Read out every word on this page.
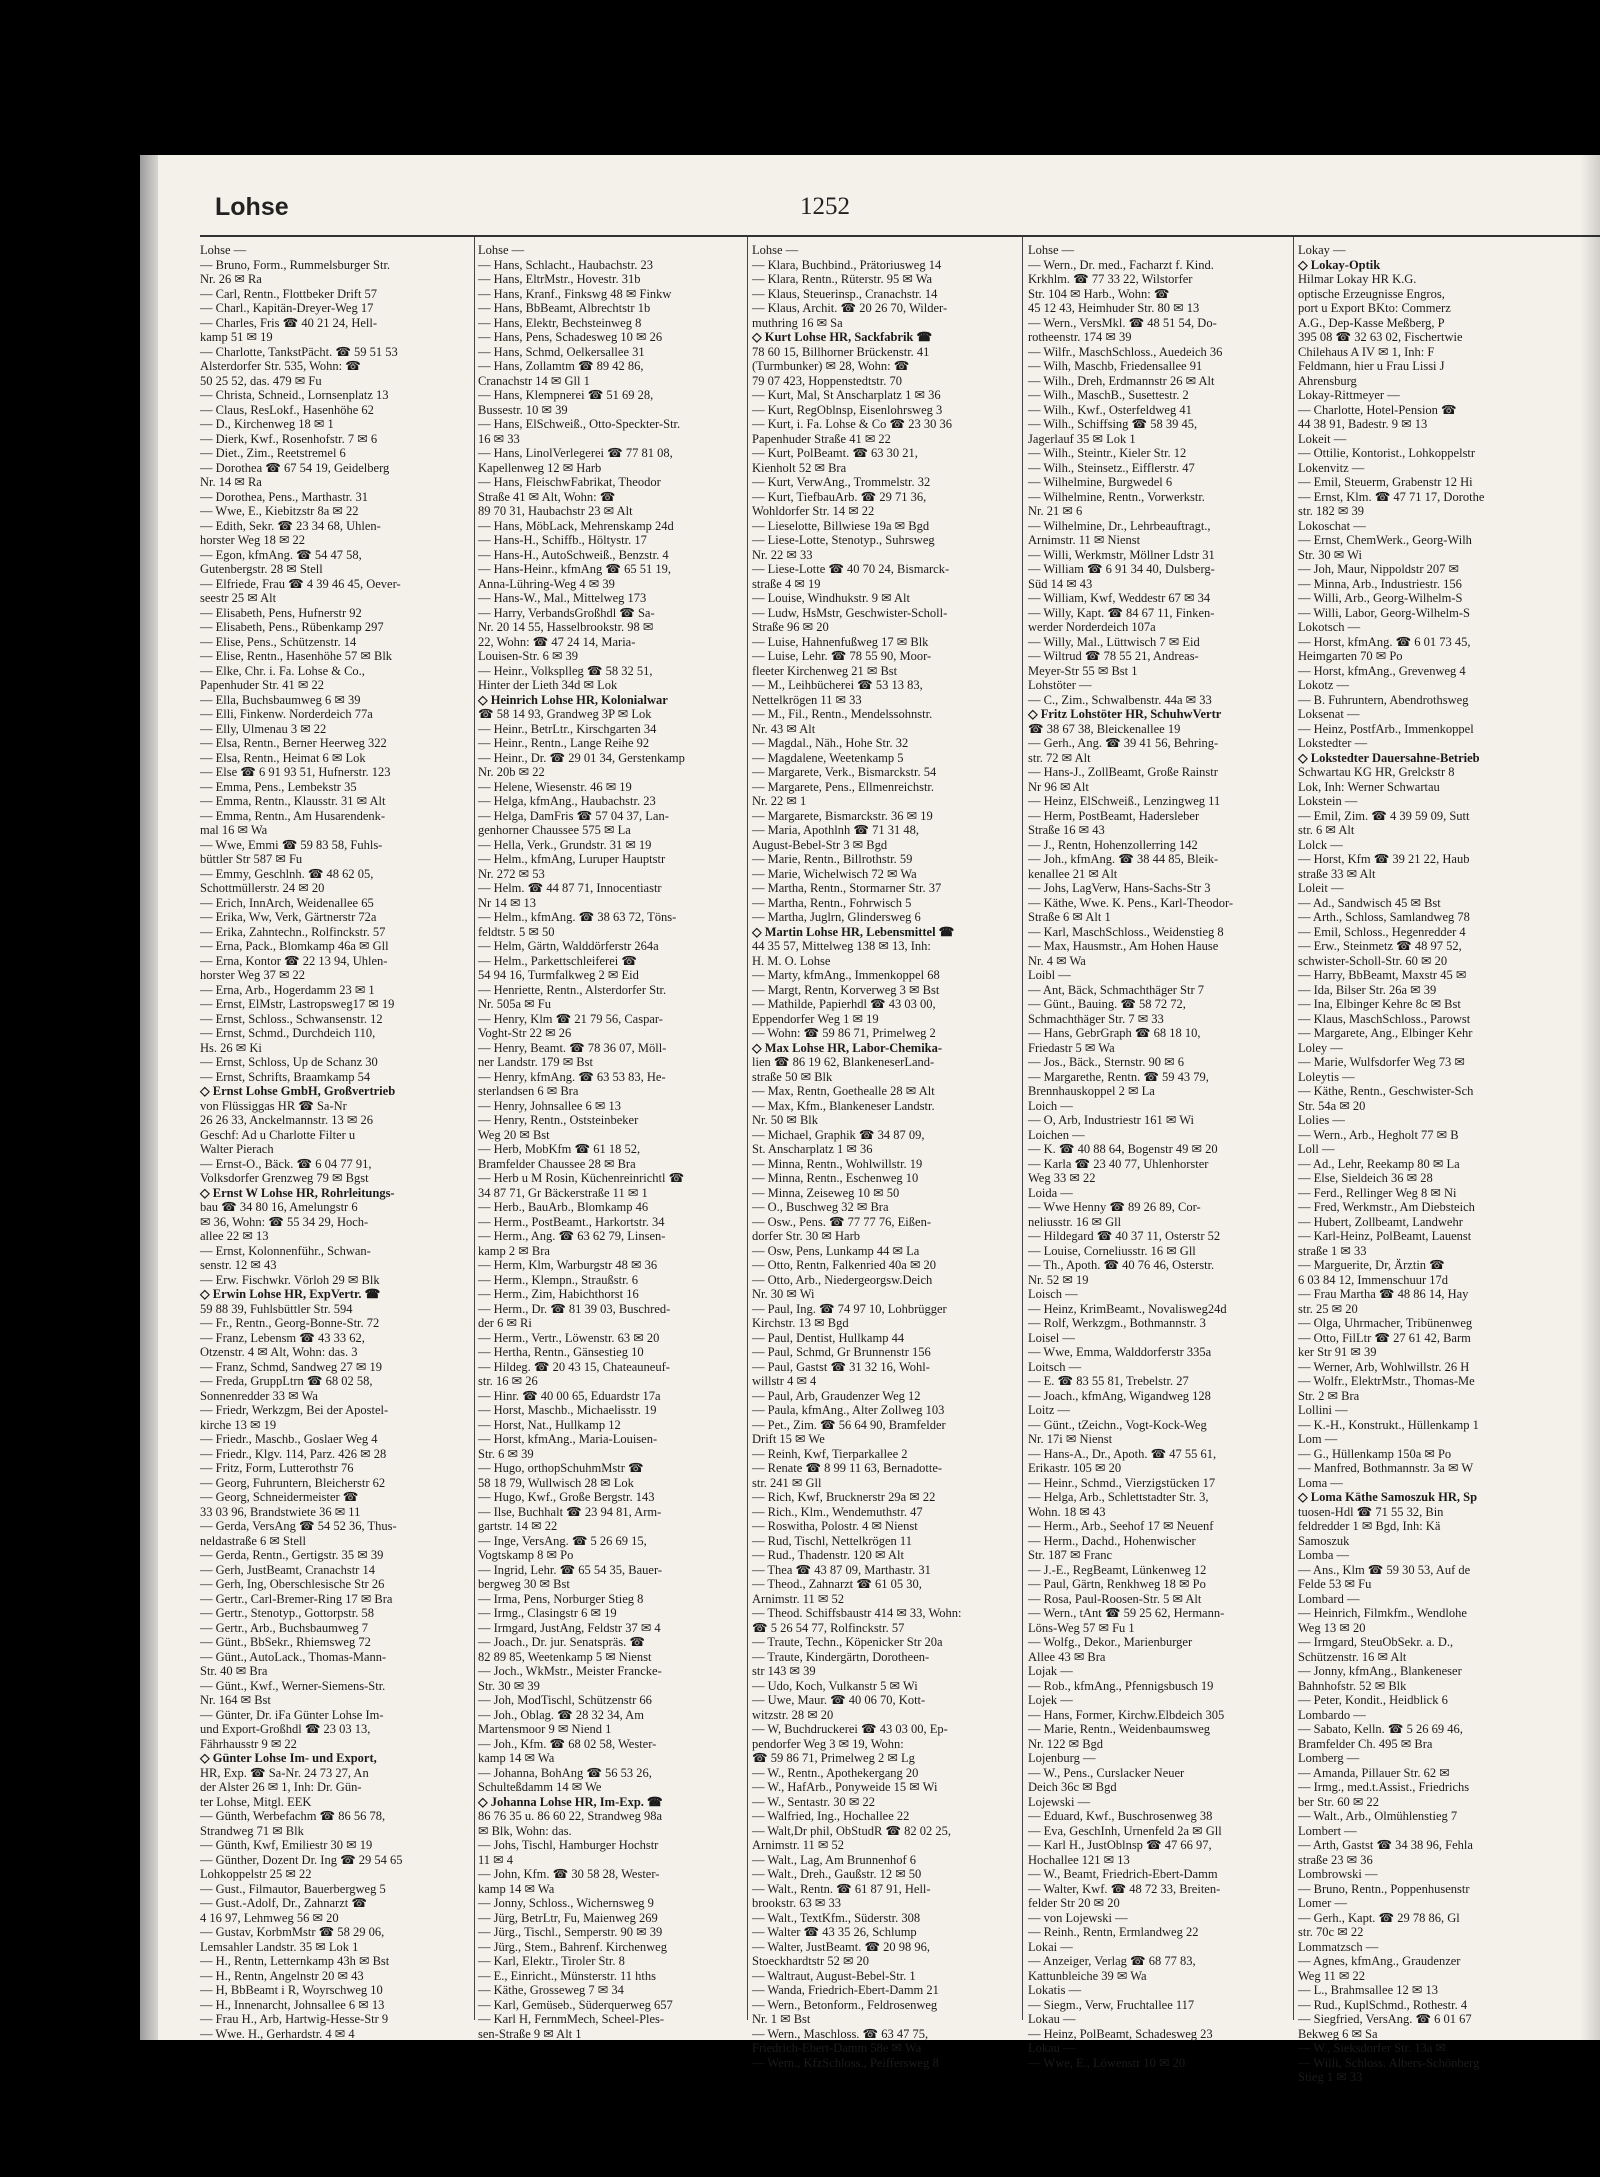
Lohse	1252
Lohse —
— Bruno, Form., Rummelsburger Str.
Nr. 26 ✉ Ra
— Carl, Rentn., Flottbeker Drift 57
— Charl., Kapitän-Dreyer-Weg 17
— Charles, Fris ☎ 40 21 24, Hell-
kamp 51 ✉ 19
— Charlotte, TankstPächt. ☎ 59 51 53
Alsterdorfer Str. 535, Wohn: ☎
50 25 52, das. 479 ✉ Fu
— Christa, Schneid., Lornsenplatz 13
— Claus, ResLokf., Hasenhöhe 62
— D., Kirchenweg 18 ✉ 1
— Dierk, Kwf., Rosenhofstr. 7 ✉ 6
— Diet., Zim., Reetstremel 6
— Dorothea ☎ 67 54 19, Geidelberg
Nr. 14 ✉ Ra
— Dorothea, Pens., Marthastr. 31
— Wwe, E., Kiebitzstr 8a ✉ 22
— Edith, Sekr. ☎ 23 34 68, Uhlen-
horster Weg 18 ✉ 22
— Egon, kfmAng. ☎ 54 47 58,
Gutenbergstr. 28 ✉ Stell
— Elfriede, Frau ☎ 4 39 46 45, Oever-
seestr 25 ✉ Alt
— Elisabeth, Pens, Hufnerstr 92
— Elisabeth, Pens., Rübenkamp 297
— Elise, Pens., Schützenstr. 14
— Elise, Rentn., Hasenhöhe 57 ✉ Blk
— Elke, Chr. i. Fa. Lohse & Co.,
Papenhuder Str. 41 ✉ 22
— Ella, Buchsbaumweg 6 ✉ 39
— Elli, Finkenw. Norderdeich 77a
— Elly, Ulmenau 3 ✉ 22
— Elsa, Rentn., Berner Heerweg 322
— Elsa, Rentn., Heimat 6 ✉ Lok
— Else ☎ 6 91 93 51, Hufnerstr. 123
— Emma, Pens., Lembekstr 35
— Emma, Rentn., Klausstr. 31 ✉ Alt
— Emma, Rentn., Am Husarendenk-
mal 16 ✉ Wa
— Wwe, Emmi ☎ 59 83 58, Fuhls-
büttler Str 587 ✉ Fu
— Emmy, Geschlnh. ☎ 48 62 05,
Schottmüllerstr. 24 ✉ 20
— Erich, InnArch, Weidenallee 65
— Erika, Ww, Verk, Gärtnerstr 72a
— Erika, Zahntechn., Rolfinckstr. 57
— Erna, Pack., Blomkamp 46a ✉ Gll
— Erna, Kontor ☎ 22 13 94, Uhlen-
horster Weg 37 ✉ 22
— Erna, Arb., Hogerdamm 23 ✉ 1
— Ernst, ElMstr, Lastropsweg17 ✉ 19
— Ernst, Schloss., Schwansenstr. 12
— Ernst, Schmd., Durchdeich 110,
Hs. 26 ✉ Ki
— Ernst, Schloss, Up de Schanz 30
— Ernst, Schrifts, Braamkamp 54
◇ Ernst Lohse GmbH, Großvertrieb
von Flüssiggas HR ☎ Sa-Nr
26 26 33, Anckelmannstr. 13 ✉ 26
Geschf: Ad u Charlotte Filter u
Walter Pierach
— Ernst-O., Bäck. ☎ 6 04 77 91,
Volksdorfer Grenzweg 79 ✉ Bgst
◇ Ernst W Lohse HR, Rohrleitungs-
bau ☎ 34 80 16, Amelungstr 6
✉ 36, Wohn: ☎ 55 34 29, Hoch-
allee 22 ✉ 13
— Ernst, Kolonnenführ., Schwan-
senstr. 12 ✉ 43
— Erw. Fischwkr. Vörloh 29 ✉ Blk
◇ Erwin Lohse HR, ExpVertr. ☎
59 88 39, Fuhlsbüttler Str. 594
— Fr., Rentn., Georg-Bonne-Str. 72
— Franz, Lebensm ☎ 43 33 62,
Otzenstr. 4 ✉ Alt, Wohn: das. 3
— Franz, Schmd, Sandweg 27 ✉ 19
— Freda, GruppLtrn ☎ 68 02 58,
Sonnenredder 33 ✉ Wa
— Friedr, Werkzgm, Bei der Apostel-
kirche 13 ✉ 19
— Friedr., Maschb., Goslaer Weg 4
— Friedr., Klgv. 114, Parz. 426 ✉ 28
— Fritz, Form, Lutterothstr 76
— Georg, Fuhruntern, Bleicherstr 62
— Georg, Schneidermeister ☎
33 03 96, Brandstwiete 36 ✉ 11
— Gerda, VersAng ☎ 54 52 36, Thus-
neldastraße 6 ✉ Stell
— Gerda, Rentn., Gertigstr. 35 ✉ 39
— Gerh, JustBeamt, Cranachstr 14
— Gerh, Ing, Oberschlesische Str 26
— Gertr., Carl-Bremer-Ring 17 ✉ Bra
— Gertr., Stenotyp., Gottorpstr. 58
— Gertr., Arb., Buchsbaumweg 7
— Günt., BbSekr., Rhiemsweg 72
— Günt., AutoLack., Thomas-Mann-
Str. 40 ✉ Bra
— Günt., Kwf., Werner-Siemens-Str.
Nr. 164 ✉ Bst
— Günter, Dr. iFa Günter Lohse Im-
und Export-Großhdl ☎ 23 03 13,
Fährhausstr 9 ✉ 22
◇ Günter Lohse Im- und Export,
HR, Exp. ☎ Sa-Nr. 24 73 27, An
der Alster 26 ✉ 1, Inh: Dr. Gün-
ter Lohse, Mitgl. EEK
— Günth, Werbefachm ☎ 86 56 78,
Strandweg 71 ✉ Blk
— Günth, Kwf, Emiliestr 30 ✉ 19
— Günther, Dozent Dr. Ing ☎ 29 54 65
Lohkoppelstr 25 ✉ 22
— Gust., Filmautor, Bauerbergweg 5
— Gust.-Adolf, Dr., Zahnarzt ☎
4 16 97, Lehmweg 56 ✉ 20
— Gustav, KorbmMstr ☎ 58 29 06,
Lemsahler Landstr. 35 ✉ Lok 1
— H., Rentn, Letternkamp 43h ✉ Bst
— H., Rentn, Angelnstr 20 ✉ 43
— H, BbBeamt i R, Woyrschweg 10
— H., Innenarcht, Johnsallee 6 ✉ 13
— Frau H., Arb, Hartwig-Hesse-Str 9
— Wwe. H., Gerhardstr. 4 ✉ 4
Lohse —
— Hans, Schlacht., Haubachstr. 23
— Hans, EltrMstr., Hovestr. 31b
— Hans, Kranf., Finkswg 48 ✉ Finkw
— Hans, BbBeamt, Albrechtstr 1b
— Hans, Elektr, Bechsteinweg 8
— Hans, Pens, Schadesweg 10 ✉ 26
— Hans, Schmd, Oelkersallee 31
— Hans, Zollamtm ☎ 89 42 86,
Cranachstr 14 ✉ Gll 1
— Hans, Klempnerei ☎ 51 69 28,
Bussestr. 10 ✉ 39
— Hans, ElSchweiß., Otto-Speckter-Str.
16 ✉ 33
— Hans, LinolVerlegerei ☎ 77 81 08,
Kapellenweg 12 ✉ Harb
— Hans, FleischwFabrikat, Theodor
Straße 41 ✉ Alt, Wohn: ☎
89 70 31, Haubachstr 23 ✉ Alt
— Hans, MöbLack, Mehrenskamp 24d
— Hans-H., Schiffb., Höltystr. 17
— Hans-H., AutoSchweiß., Benzstr. 4
— Hans-Heinr., kfmAng ☎ 65 51 19,
Anna-Lühring-Weg 4 ✉ 39
— Hans-W., Mal., Mittelweg 173
— Harry, VerbandsGroßhdl ☎ Sa-
Nr. 20 14 55, Hasselbrookstr. 98 ✉
22, Wohn: ☎ 47 24 14, Maria-
Louisen-Str. 6 ✉ 39
— Heinr., Volksplleg ☎ 58 32 51,
Hinter der Lieth 34d ✉ Lok
◇ Heinrich Lohse HR, Kolonialwar
☎ 58 14 93, Grandweg 3P ✉ Lok
— Heinr., BetrLtr., Kirschgarten 34
— Heinr., Rentn., Lange Reihe 92
— Heinr., Dr. ☎ 29 01 34, Gerstenkamp
Nr. 20b ✉ 22
— Helene, Wiesenstr. 46 ✉ 19
— Helga, kfmAng., Haubachstr. 23
— Helga, DamFris ☎ 57 04 37, Lan-
genhorner Chaussee 575 ✉ La
— Hella, Verk., Grundstr. 31 ✉ 19
— Helm., kfmAng, Luruper Hauptstr
Nr. 272 ✉ 53
— Helm. ☎ 44 87 71, Innocentiastr
Nr 14 ✉ 13
— Helm., kfmAng. ☎ 38 63 72, Töns-
feldtstr. 5 ✉ 50
— Helm, Gärtn, Walddörferstr 264a
— Helm., Parkettschleiferei ☎
54 94 16, Turmfalkweg 2 ✉ Eid
— Henriette, Rentn., Alsterdorfer Str.
Nr. 505a ✉ Fu
— Henry, Klm ☎ 21 79 56, Caspar-
Voght-Str 22 ✉ 26
— Henry, Beamt. ☎ 78 36 07, Möll-
ner Landstr. 179 ✉ Bst
— Henry, kfmAng. ☎ 63 53 83, He-
sterlandsen 6 ✉ Bra
— Henry, Johnsallee 6 ✉ 13
— Henry, Rentn., Oststeinbeker
Weg 20 ✉ Bst
— Herb, MobKfm ☎ 61 18 52,
Bramfelder Chaussee 28 ✉ Bra
— Herb u M Rosin, Küchenreinrichtl ☎
34 87 71, Gr Bäckerstraße 11 ✉ 1
— Herb., BauArb., Blomkamp 46
— Herm., PostBeamt., Harkortstr. 34
— Herm., Ang. ☎ 63 62 79, Linsen-
kamp 2 ✉ Bra
— Herm, Klm, Warburgstr 48 ✉ 36
— Herm., Klempn., Straußstr. 6
— Herm., Zim, Habichthorst 16
— Herm., Dr. ☎ 81 39 03, Buschred-
der 6 ✉ Ri
— Herm., Vertr., Löwenstr. 63 ✉ 20
— Hertha, Rentn., Gänsestieg 10
— Hildeg. ☎ 20 43 15, Chateauneuf-
str. 16 ✉ 26
— Hinr. ☎ 40 00 65, Eduardstr 17a
— Horst, Maschb., Michaelisstr. 19
— Horst, Nat., Hullkamp 12
— Horst, kfmAng., Maria-Louisen-
Str. 6 ✉ 39
— Hugo, orthopSchuhmMstr ☎
58 18 79, Wullwisch 28 ✉ Lok
— Hugo, Kwf., Große Bergstr. 143
— Ilse, Buchhalt ☎ 23 94 81, Arm-
gartstr. 14 ✉ 22
— Inge, VersAng. ☎ 5 26 69 15,
Vogtskamp 8 ✉ Po
— Ingrid, Lehr. ☎ 65 54 35, Bauer-
bergweg 30 ✉ Bst
— Irma, Pens, Norburger Stieg 8
— Irmg., Clasingstr 6 ✉ 19
— Irmgard, JustAng, Feldstr 37 ✉ 4
— Joach., Dr. jur. Senatspräs. ☎
82 89 85, Weetenkamp 5 ✉ Nienst
— Joch., WkMstr., Meister Francke-
Str. 30 ✉ 39
— Joh, ModTischl, Schützenstr 66
— Joh., Oblag. ☎ 28 32 34, Am
Martensmoor 9 ✉ Niend 1
— Joh., Kfm. ☎ 68 02 58, Wester-
kamp 14 ✉ Wa
— Johanna, BohAng ☎ 56 53 26,
Schulteßdamm 14 ✉ We
◇ Johanna Lohse HR, Im-Exp. ☎
86 76 35 u. 86 60 22, Strandweg 98a
✉ Blk, Wohn: das.
— Johs, Tischl, Hamburger Hochstr
11 ✉ 4
— John, Kfm. ☎ 30 58 28, Wester-
kamp 14 ✉ Wa
— Jonny, Schloss., Wichernsweg 9
— Jürg, BetrLtr, Fu, Maienweg 269
— Jürg., Tischl., Semperstr. 90 ✉ 39
— Jürg., Stem., Bahrenf. Kirchenweg
— Karl, Elektr., Tiroler Str. 8
— E., Einricht., Münsterstr. 11 hths
— Käthe, Grosseweg 7 ✉ 34
— Karl, Gemüseb., Süderquerweg 657
— Karl H, FernmMech, Scheel-Ples-
sen-Straße 9 ✉ Alt 1
Lohse —
— Klara, Buchbind., Prätoriusweg 14
— Klara, Rentn., Rüterstr. 95 ✉ Wa
— Klaus, Steuerinsp., Cranachstr. 14
— Klaus, Archit. ☎ 20 26 70, Wilder-
muthring 16 ✉ Sa
◇ Kurt Lohse HR, Sackfabrik ☎
78 60 15, Billhorner Brückenstr. 41
(Turmbunker) ✉ 28, Wohn: ☎
79 07 423, Hoppenstedtstr. 70
— Kurt, Mal, St Anscharplatz 1 ✉ 36
— Kurt, RegOblnsp, Eisenlohrsweg 3
— Kurt, i. Fa. Lohse & Co ☎ 23 30 36
Papenhuder Straße 41 ✉ 22
— Kurt, PolBeamt. ☎ 63 30 21,
Kienholt 52 ✉ Bra
— Kurt, VerwAng., Trommelstr. 32
— Kurt, TiefbauArb. ☎ 29 71 36,
Wohldorfer Str. 14 ✉ 22
— Lieselotte, Billwiese 19a ✉ Bgd
— Liese-Lotte, Stenotyp., Suhrsweg
Nr. 22 ✉ 33
— Liese-Lotte ☎ 40 70 24, Bismarck-
straße 4 ✉ 19
— Louise, Windhukstr. 9 ✉ Alt
— Ludw, HsMstr, Geschwister-Scholl-
Straße 96 ✉ 20
— Luise, Hahnenfußweg 17 ✉ Blk
— Luise, Lehr. ☎ 78 55 90, Moor-
fleeter Kirchenweg 21 ✉ Bst
— M., Leihbücherei ☎ 53 13 83,
Nettelkrögen 11 ✉ 33
— M., Fil., Rentn., Mendelssohnstr.
Nr. 43 ✉ Alt
— Magdal., Näh., Hohe Str. 32
— Magdalene, Weetenkamp 5
— Margarete, Verk., Bismarckstr. 54
— Margarete, Pens., Ellmenreichstr.
Nr. 22 ✉ 1
— Margarete, Bismarckstr. 36 ✉ 19
— Maria, Apothlnh ☎ 71 31 48,
August-Bebel-Str 3 ✉ Bgd
— Marie, Rentn., Billrothstr. 59
— Marie, Wichelwisch 72 ✉ Wa
— Martha, Rentn., Stormarner Str. 37
— Martha, Rentn., Fohrwisch 5
— Martha, Juglrn, Glindersweg 6
◇ Martin Lohse HR, Lebensmittel ☎
44 35 57, Mittelweg 138 ✉ 13, Inh:
H. M. O. Lohse
— Marty, kfmAng., Immenkoppel 68
— Margt, Rentn, Korverweg 3 ✉ Bst
— Mathilde, Papierhdl ☎ 43 03 00,
Eppendorfer Weg 1 ✉ 19
— Wohn: ☎ 59 86 71, Primelweg 2
◇ Max Lohse HR, Labor-Chemika-
lien ☎ 86 19 62, BlankeneserLand-
straße 50 ✉ Blk
— Max, Rentn, Goethealle 28 ✉ Alt
— Max, Kfm., Blankeneser Landstr.
Nr. 50 ✉ Blk
— Michael, Graphik ☎ 34 87 09,
St. Anscharplatz 1 ✉ 36
— Minna, Rentn., Wohlwillstr. 19
— Minna, Rentn., Eschenweg 10
— Minna, Zeiseweg 10 ✉ 50
— O., Buschweg 32 ✉ Bra
— Osw., Pens. ☎ 77 77 76, Eißen-
dorfer Str. 30 ✉ Harb
— Osw, Pens, Lunkamp 44 ✉ La
— Otto, Rentn, Falkenried 40a ✉ 20
— Otto, Arb., Niedergeorgsw.Deich
Nr. 30 ✉ Wi
— Paul, Ing. ☎ 74 97 10, Lohbrügger
Kirchstr. 13 ✉ Bgd
— Paul, Dentist, Hullkamp 44
— Paul, Schmd, Gr Brunnenstr 156
— Paul, Gastst ☎ 31 32 16, Wohl-
willstr 4 ✉ 4
— Paul, Arb, Graudenzer Weg 12
— Paula, kfmAng., Alter Zollweg 103
— Pet., Zim. ☎ 56 64 90, Bramfelder
Drift 15 ✉ We
— Reinh, Kwf, Tierparkallee 2
— Renate ☎ 8 99 11 63, Bernadotte-
str. 241 ✉ Gll
— Rich, Kwf, Brucknerstr 29a ✉ 22
— Rich., Klm., Wendemuthstr. 47
— Roswitha, Polostr. 4 ✉ Nienst
— Rud, Tischl, Nettelkrögen 11
— Rud., Thadenstr. 120 ✉ Alt
— Thea ☎ 43 87 09, Marthastr. 31
— Theod., Zahnarzt ☎ 61 05 30,
Arnimstr. 11 ✉ 52
— Theod. Schiffsbaustr 414 ✉ 33, Wohn:
☎ 5 26 54 77, Rolfinckstr. 57
— Traute, Techn., Köpenicker Str 20a
— Traute, Kindergärtn, Dorotheen-
str 143 ✉ 39
— Udo, Koch, Vulkanstr 5 ✉ Wi
— Uwe, Maur. ☎ 40 06 70, Kott-
witzstr. 28 ✉ 20
— W, Buchdruckerei ☎ 43 03 00, Ep-
pendorfer Weg 3 ✉ 19, Wohn:
☎ 59 86 71, Primelweg 2 ✉ Lg
— W., Rentn., Apothekergang 20
— W., HafArb., Ponyweide 15 ✉ Wi
— W., Sentastr. 30 ✉ 22
— Walfried, Ing., Hochallee 22
— Walt,Dr phil, ObStudR ☎ 82 02 25,
Arnimstr. 11 ✉ 52
— Walt., Lag, Am Brunnenhof 6
— Walt., Dreh., Gaußstr. 12 ✉ 50
— Walt., Rentn. ☎ 61 87 91, Hell-
brookstr. 63 ✉ 33
— Walt., TextKfm., Süderstr. 308
— Walter ☎ 43 35 26, Schlump
— Walter, JustBeamt. ☎ 20 98 96,
Stoeckhardtstr 52 ✉ 20
— Waltraut, August-Bebel-Str. 1
— Wanda, Friedrich-Ebert-Damm 21
— Wern., Betonform., Feldrosenweg
Nr. 1 ✉ Bst
— Wern., Maschloss. ☎ 63 47 75,
Friedrich-Ebert-Damm 58e ✉ Wa
— Wern., KfzSchloss., Peiffersweg 8
Lohse —
— Wern., Dr. med., Facharzt f. Kind.
Krkhlm. ☎ 77 33 22, Wilstorfer
Str. 104 ✉ Harb., Wohn: ☎
45 12 43, Heimhuder Str. 80 ✉ 13
— Wern., VersMkl. ☎ 48 51 54, Do-
rotheenstr. 174 ✉ 39
— Wilfr., MaschSchloss., Auedeich 36
— Wilh, Maschb, Friedensallee 91
— Wilh., Dreh, Erdmannstr 26 ✉ Alt
— Wilh., MaschB., Susettestr. 2
— Wilh., Kwf., Osterfeldweg 41
— Wilh., Schiffsing ☎ 58 39 45,
Jagerlauf 35 ✉ Lok 1
— Wilh., Steintr., Kieler Str. 12
— Wilh., Steinsetz., Eifflerstr. 47
— Wilhelmine, Burgwedel 6
— Wilhelmine, Rentn., Vorwerkstr.
Nr. 21 ✉ 6
— Wilhelmine, Dr., Lehrbeauftragt.,
Arnimstr. 11 ✉ Nienst
— Willi, Werkmstr, Möllner Ldstr 31
— William ☎ 6 91 34 40, Dulsberg-
Süd 14 ✉ 43
— William, Kwf, Weddestr 67 ✉ 34
— Willy, Kapt. ☎ 84 67 11, Finken-
werder Norderdeich 107a
— Willy, Mal., Lüttwisch 7 ✉ Eid
— Wiltrud ☎ 78 55 21, Andreas-
Meyer-Str 55 ✉ Bst 1
Lohstöter —
— C., Zim., Schwalbenstr. 44a ✉ 33
◇ Fritz Lohstöter HR, SchuhwVertr
☎ 38 67 38, Bleickenallee 19
— Gerh., Ang. ☎ 39 41 56, Behring-
str. 72 ✉ Alt
— Hans-J., ZollBeamt, Große Rainstr
Nr 96 ✉ Alt
— Heinz, ElSchweiß., Lenzingweg 11
— Herm, PostBeamt, Hadersleber
Straße 16 ✉ 43
— J., Rentn, Hohenzollerring 142
— Joh., kfmAng. ☎ 38 44 85, Bleik-
kenallee 21 ✉ Alt
— Johs, LagVerw, Hans-Sachs-Str 3
— Käthe, Wwe. K. Pens., Karl-Theodor-
Straße 6 ✉ Alt 1
— Karl, MaschSchloss., Weidenstieg 8
— Max, Hausmstr., Am Hohen Hause
Nr. 4 ✉ Wa
Loibl —
— Ant, Bäck, Schmachthäger Str 7
— Günt., Bauing. ☎ 58 72 72,
Schmachthäger Str. 7 ✉ 33
— Hans, GebrGraph ☎ 68 18 10,
Friedastr 5 ✉ Wa
— Jos., Bäck., Sternstr. 90 ✉ 6
— Margarethe, Rentn. ☎ 59 43 79,
Brennhauskoppel 2 ✉ La
Loich —
— O, Arb, Industriestr 161 ✉ Wi
Loichen —
— K. ☎ 40 88 64, Bogenstr 49 ✉ 20
— Karla ☎ 23 40 77, Uhlenhorster
Weg 33 ✉ 22
Loida —
— Wwe Henny ☎ 89 26 89, Cor-
neliusstr. 16 ✉ Gll
— Hildegard ☎ 40 37 11, Osterstr 52
— Louise, Corneliusstr. 16 ✉ Gll
— Th., Apoth. ☎ 40 76 46, Osterstr.
Nr. 52 ✉ 19
Loisch —
— Heinz, KrimBeamt., Novalisweg24d
— Rolf, Werkzgm., Bothmannstr. 3
Loisel —
— Wwe, Emma, Walddorferstr 335a
Loitsch —
— E. ☎ 83 55 81, Trebelstr. 27
— Joach., kfmAng, Wigandweg 128
Loitz —
— Günt., tZeichn., Vogt-Kock-Weg
Nr. 17i ✉ Nienst
— Hans-A., Dr., Apoth. ☎ 47 55 61,
Erikastr. 105 ✉ 20
— Heinr., Schmd., Vierzigstücken 17
— Helga, Arb., Schlettstadter Str. 3,
Wohn. 18 ✉ 43
— Herm., Arb., Seehof 17 ✉ Neuenf
— Herm., Dachd., Hohenwischer
Str. 187 ✉ Franc
— J.-E., RegBeamt, Lünkenweg 12
— Paul, Gärtn, Renkhweg 18 ✉ Po
— Rosa, Paul-Roosen-Str. 5 ✉ Alt
— Wern., tAnt ☎ 59 25 62, Hermann-
Löns-Weg 57 ✉ Fu 1
— Wolfg., Dekor., Marienburger
Allee 43 ✉ Bra
Lojak —
— Rob., kfmAng., Pfennigsbusch 19
Lojek —
— Hans, Former, Kirchw.Elbdeich 305
— Marie, Rentn., Weidenbaumsweg
Nr. 122 ✉ Bgd
Lojenburg —
— W., Pens., Curslacker Neuer
Deich 36c ✉ Bgd
Lojewski —
— Eduard, Kwf., Buschrosenweg 38
— Eva, GeschInh, Urnenfeld 2a ✉ Gll
— Karl H., JustOblnsp ☎ 47 66 97,
Hochallee 121 ✉ 13
— W., Beamt, Friedrich-Ebert-Damm
— Walter, Kwf. ☎ 48 72 33, Breiten-
felder Str 20 ✉ 20
— von Lojewski —
— Reinh., Rentn, Ermlandweg 22
Lokai —
— Anzeiger, Verlag ☎ 68 77 83,
Kattunbleiche 39 ✉ Wa
Lokatis —
— Siegm., Verw, Fruchtallee 117
Lokau —
— Heinz, PolBeamt, Schadesweg 23
Lokau —
— Wwe, E., Löwenstr 10 ✉ 20
Lokay —
◇ Lokay-Optik
Hilmar Lokay HR K.G.
optische Erzeugnisse Engros,
port u Export BKto: Commerz
A.G., Dep-Kasse Meßberg, P
395 08 ☎ 32 63 02, Fischertwie
Chilehaus A IV ✉ 1, Inh: F
Feldmann, hier u Frau Lissi J
Ahrensburg
Lokay-Rittmeyer —
— Charlotte, Hotel-Pension ☎
44 38 91, Badestr. 9 ✉ 13
Lokeit —
— Ottilie, Kontorist., Lohkoppelstr
Lokenvitz —
— Emil, Steuerm, Grabenstr 12 Hi
— Ernst, Klm. ☎ 47 71 17, Dorothe
str. 182 ✉ 39
Lokoschat —
— Ernst, ChemWerk., Georg-Wilh
Str. 30 ✉ Wi
— Joh, Maur, Nippoldstr 207 ✉
— Minna, Arb., Industriestr. 156
— Willi, Arb., Georg-Wilhelm-S
— Willi, Labor, Georg-Wilhelm-S
Lokotsch —
— Horst, kfmAng. ☎ 6 01 73 45,
Heimgarten 70 ✉ Po
— Horst, kfmAng., Grevenweg 4
Lokotz —
— B. Fuhruntern, Abendrothsweg
Loksenat —
— Heinz, PostfArb., Immenkoppel
Lokstedter —
◇ Lokstedter Dauersahne-Betrieb
Schwartau KG HR, Grelckstr 8
Lok, Inh: Werner Schwartau
Lokstein —
— Emil, Zim. ☎ 4 39 59 09, Sutt
str. 6 ✉ Alt
Lolck —
— Horst, Kfm ☎ 39 21 22, Haub
straße 33 ✉ Alt
Loleit —
— Ad., Sandwisch 45 ✉ Bst
— Arth., Schloss, Samlandweg 78
— Emil, Schloss., Hegenredder 4
— Erw., Steinmetz ☎ 48 97 52,
schwister-Scholl-Str. 60 ✉ 20
— Harry, BbBeamt, Maxstr 45 ✉
— Ida, Bilser Str. 26a ✉ 39
— Ina, Elbinger Kehre 8c ✉ Bst
— Klaus, MaschSchloss., Parowst
— Margarete, Ang., Elbinger Kehr
Loley —
— Marie, Wulfsdorfer Weg 73 ✉
Loleytis —
— Käthe, Rentn., Geschwister-Sch
Str. 54a ✉ 20
Lolies —
— Wern., Arb., Hegholt 77 ✉ B
Loll —
— Ad., Lehr, Reekamp 80 ✉ La
— Else, Sieldeich 36 ✉ 28
— Ferd., Rellinger Weg 8 ✉ Ni
— Fred, Werkmstr., Am Diebsteich
— Hubert, Zollbeamt, Landwehr
— Karl-Heinz, PolBeamt, Lauenst
straße 1 ✉ 33
— Marguerite, Dr, Ärztin ☎
6 03 84 12, Immenschuur 17d
— Frau Martha ☎ 48 86 14, Hay
str. 25 ✉ 20
— Olga, Uhrmacher, Tribünenweg
— Otto, FilLtr ☎ 27 61 42, Barm
ker Str 91 ✉ 39
— Werner, Arb, Wohlwillstr. 26 H
— Wolfr., ElektrMstr., Thomas-Me
Str. 2 ✉ Bra
Lollini —
— K.-H., Konstrukt., Hüllenkamp 1
Lom —
— G., Hüllenkamp 150a ✉ Po
— Manfred, Bothmannstr. 3a ✉ W
Loma —
◇ Loma Käthe Samoszuk HR, Sp
tuosen-Hdl ☎ 71 55 32, Bin
feldredder 1 ✉ Bgd, Inh: Kä
Samoszuk
Lomba —
— Ans., Klm ☎ 59 30 53, Auf de
Felde 53 ✉ Fu
Lombard —
— Heinrich, Filmkfm., Wendlohe
Weg 13 ✉ 20
— Irmgard, SteuObSekr. a. D.,
Schützenstr. 16 ✉ Alt
— Jonny, kfmAng., Blankeneser
Bahnhofstr. 52 ✉ Blk
— Peter, Kondit., Heidblick 6
Lombardo —
— Sabato, Kelln. ☎ 5 26 69 46,
Bramfelder Ch. 495 ✉ Bra
Lomberg —
— Amanda, Pillauer Str. 62 ✉
— Irmg., med.t.Assist., Friedrichs
ber Str. 60 ✉ 22
— Walt., Arb., Olmühlenstieg 7
Lombert —
— Arth, Gastst ☎ 34 38 96, Fehla
straße 23 ✉ 36
Lombrowski —
— Bruno, Rentn., Poppenhusenstr
Lomer —
— Gerh., Kapt. ☎ 29 78 86, Gl
str. 70c ✉ 22
Lommatzsch —
— Agnes, kfmAng., Graudenzer
Weg 11 ✉ 22
— L., Brahmsallee 12 ✉ 13
— Rud., KuplSchmd., Rothestr. 4
— Siegfried, VersAng. ☎ 6 01 67
Bekweg 6 ✉ Sa
— W., Sieksdorfer Str. 13a ✉
— Willi, Schloss. Albers-Schönberg
Stieg 1 ✉ 33
